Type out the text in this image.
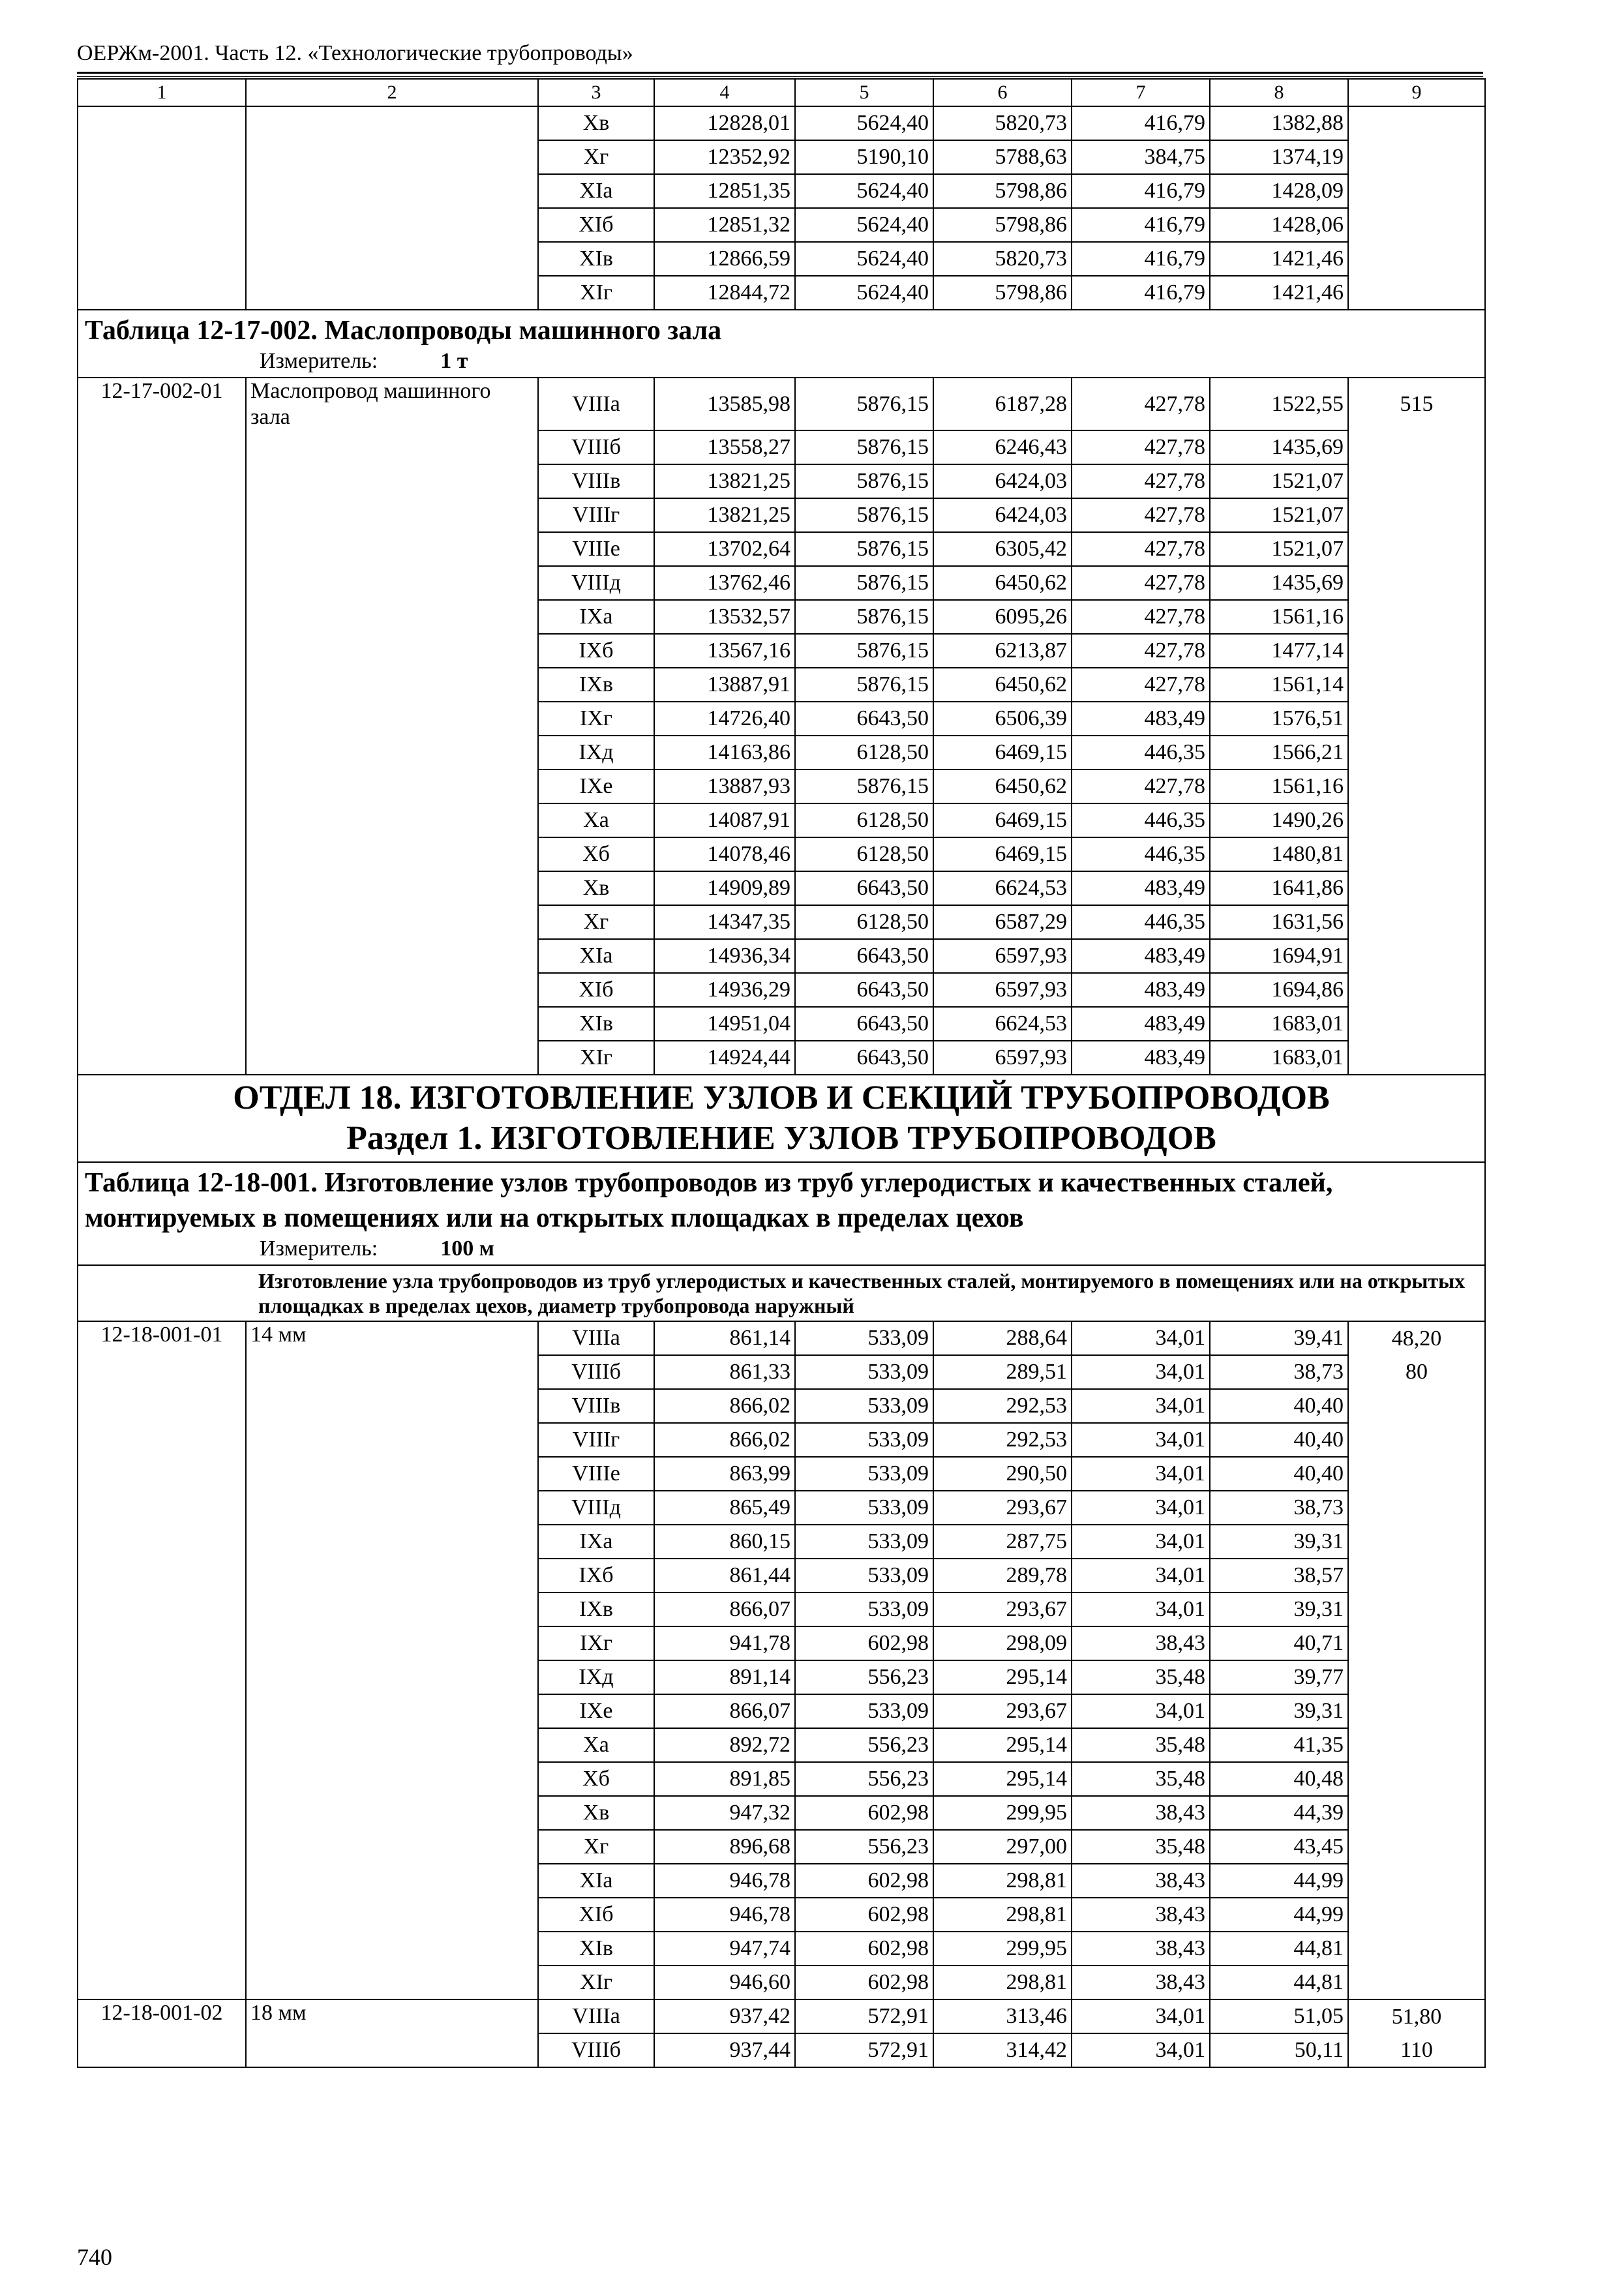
ОЕРЖм-2001. Часть 12. «Технологические трубопроводы»
1	2	3	4	5	6	7	8	9
		Xв	12828,01	5624,40	5820,73	416,79	1382,88	
		Xг	12352,92	5190,10	5788,63	384,75	1374,19	
		XIа	12851,35	5624,40	5798,86	416,79	1428,09	
		XIб	12851,32	5624,40	5798,86	416,79	1428,06	
		XIв	12866,59	5624,40	5820,73	416,79	1421,46	
		XIг	12844,72	5624,40	5798,86	416,79	1421,46	

Таблица 12-17-002. Маслопроводы машинного зала
Измеритель: 1 т								

12-17-002-01	Маслопровод машинного зала	VIIIа	13585,98	5876,15	6187,28	427,78	1522,55	515
		VIIIб	13558,27	5876,15	6246,43	427,78	1435,69	
		VIIIв	13821,25	5876,15	6424,03	427,78	1521,07	
		VIIIг	13821,25	5876,15	6424,03	427,78	1521,07	
		VIIIе	13702,64	5876,15	6305,42	427,78	1521,07	
		VIIIд	13762,46	5876,15	6450,62	427,78	1435,69	
		IXа	13532,57	5876,15	6095,26	427,78	1561,16	
		IXб	13567,16	5876,15	6213,87	427,78	1477,14	
		IXв	13887,91	5876,15	6450,62	427,78	1561,14	
		IXг	14726,40	6643,50	6506,39	483,49	1576,51	
		IXд	14163,86	6128,50	6469,15	446,35	1566,21	
		IXе	13887,93	5876,15	6450,62	427,78	1561,16	
		Xа	14087,91	6128,50	6469,15	446,35	1490,26	
		Xб	14078,46	6128,50	6469,15	446,35	1480,81	
		Xв	14909,89	6643,50	6624,53	483,49	1641,86	
		Xг	14347,35	6128,50	6587,29	446,35	1631,56	
		XIа	14936,34	6643,50	6597,93	483,49	1694,91	
		XIб	14936,29	6643,50	6597,93	483,49	1694,86	
		XIв	14951,04	6643,50	6624,53	483,49	1683,01	
		XIг	14924,44	6643,50	6597,93	483,49	1683,01	

ОТДЕЛ 18. ИЗГОТОВЛЕНИЕ УЗЛОВ И СЕКЦИЙ ТРУБОПРОВОДОВ
Раздел 1. ИЗГОТОВЛЕНИЕ УЗЛОВ ТРУБОПРОВОДОВ								

Таблица 12-18-001. Изготовление узлов трубопроводов из труб углеродистых и качественных сталей, монтируемых в помещениях или на открытых площадках в пределах цехов
Измеритель: 100 м								

Изготовление узла трубопроводов из труб углеродистых и качественных сталей, монтируемого в помещениях или на открытых площадках в пределах цехов, диаметр трубопровода наружный								

12-18-001-01	14 мм	VIIIа	861,14	533,09	288,64	34,01	39,41	48,20
		VIIIб	861,33	533,09	289,51	34,01	38,73	80
		VIIIв	866,02	533,09	292,53	34,01	40,40	
		VIIIг	866,02	533,09	292,53	34,01	40,40	
		VIIIе	863,99	533,09	290,50	34,01	40,40	
		VIIIд	865,49	533,09	293,67	34,01	38,73	
		IXа	860,15	533,09	287,75	34,01	39,31	
		IXб	861,44	533,09	289,78	34,01	38,57	
		IXв	866,07	533,09	293,67	34,01	39,31	
		IXг	941,78	602,98	298,09	38,43	40,71	
		IXд	891,14	556,23	295,14	35,48	39,77	
		IXе	866,07	533,09	293,67	34,01	39,31	
		Xа	892,72	556,23	295,14	35,48	41,35	
		Xб	891,85	556,23	295,14	35,48	40,48	
		Xв	947,32	602,98	299,95	38,43	44,39	
		Xг	896,68	556,23	297,00	35,48	43,45	
		XIа	946,78	602,98	298,81	38,43	44,99	
		XIб	946,78	602,98	298,81	38,43	44,99	
		XIв	947,74	602,98	299,95	38,43	44,81	
		XIг	946,60	602,98	298,81	38,43	44,81	
12-18-001-02	18 мм	VIIIа	937,42	572,91	313,46	34,01	51,05	51,80
		VIIIб	937,44	572,91	314,42	34,01	50,11	110
740
